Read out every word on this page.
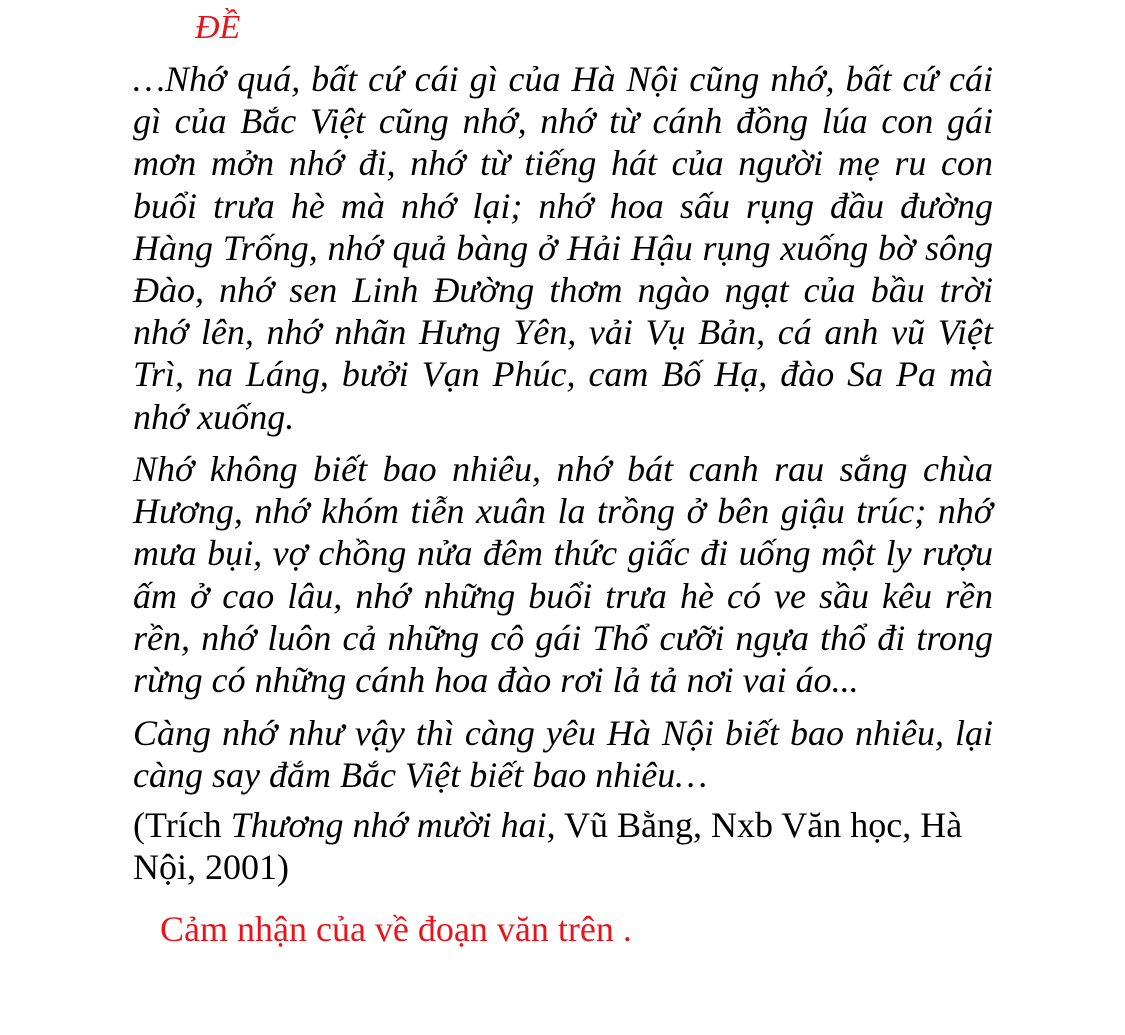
ĐỀ
…Nhớ quá, bất cứ cái gì của Hà Nội cũng nhớ, bất cứ cái gì của Bắc Việt cũng nhớ, nhớ từ cánh đồng lúa con gái mơn mởn nhớ đi, nhớ từ tiếng hát của người mẹ ru con buổi trưa hè mà nhớ lại; nhớ hoa sấu rụng đầu đường Hàng Trống, nhớ quả bàng ở Hải Hậu rụng xuống bờ sông Đào, nhớ sen Linh Đường thơm ngào ngạt của bầu trời nhớ lên, nhớ nhãn Hưng Yên, vải Vụ Bản, cá anh vũ Việt Trì, na Láng, bưởi Vạn Phúc, cam Bố Hạ, đào Sa Pa mà nhớ xuống.
Nhớ không biết bao nhiêu, nhớ bát canh rau sắng chùa Hương, nhớ khóm tiễn xuân la trồng ở bên giậu trúc; nhớ mưa bụi, vợ chồng nửa đêm thức giấc đi uống một ly rượu ấm ở cao lâu, nhớ những buổi trưa hè có ve sầu kêu rền rền, nhớ luôn cả những cô gái Thổ cưỡi ngựa thổ đi trong rừng có những cánh hoa đào rơi lả tả nơi vai áo...
Càng nhớ như vậy thì càng yêu Hà Nội biết bao nhiêu, lại càng say đắm Bắc Việt biết bao nhiêu…
(Trích Thương nhớ mười hai, Vũ Bằng, Nxb Văn học, Hà Nội, 2001)
Cảm nhận của về đoạn văn trên .
